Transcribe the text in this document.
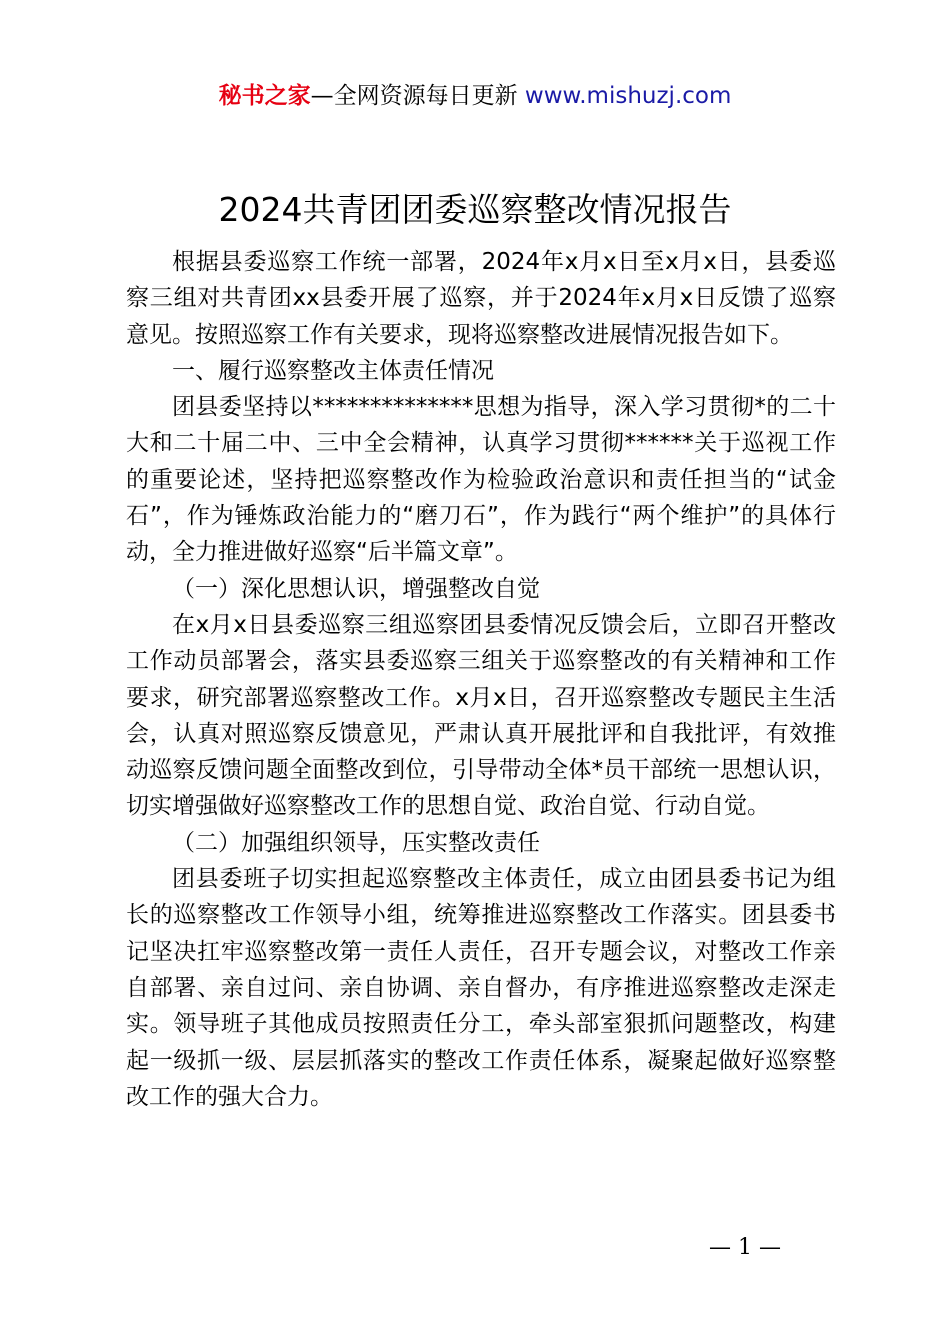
秘书之家—全网资源每日更新 www.mishuzj.com
2024共青团团委巡察整改情况报告

根据县委巡察工作统一部署，2024年x月x日至x月x日，县委巡察三组对共青团xx县委开展了巡察，并于2024年x月x日反馈了巡察意见。按照巡察工作有关要求，现将巡察整改进展情况报告如下。

一、履行巡察整改主体责任情况

团县委坚持以**************思想为指导，深入学习贯彻*的二十大和二十届二中、三中全会精神，认真学习贯彻******关于巡视工作的重要论述，坚持把巡察整改作为检验政治意识和责任担当的“试金石”，作为锤炼政治能力的“磨刀石”，作为践行“两个维护”的具体行动，全力推进做好巡察“后半篇文章”。

（一）深化思想认识，增强整改自觉

在x月x日县委巡察三组巡察团县委情况反馈会后，立即召开整改工作动员部署会，落实县委巡察三组关于巡察整改的有关精神和工作要求，研究部署巡察整改工作。x月x日，召开巡察整改专题民主生活会，认真对照巡察反馈意见，严肃认真开展批评和自我批评，有效推动巡察反馈问题全面整改到位，引导带动全体*员干部统一思想认识，切实增强做好巡察整改工作的思想自觉、政治自觉、行动自觉。

（二）加强组织领导，压实整改责任

团县委班子切实担起巡察整改主体责任，成立由团县委书记为组长的巡察整改工作领导小组，统筹推进巡察整改工作落实。团县委书记坚决扛牢巡察整改第一责任人责任，召开专题会议，对整改工作亲自部署、亲自过问、亲自协调、亲自督办，有序推进巡察整改走深走实。领导班子其他成员按照责任分工，牵头部室狠抓问题整改，构建起一级抓一级、层层抓落实的整改工作责任体系，凝聚起做好巡察整改工作的强大合力。

— 1 —
